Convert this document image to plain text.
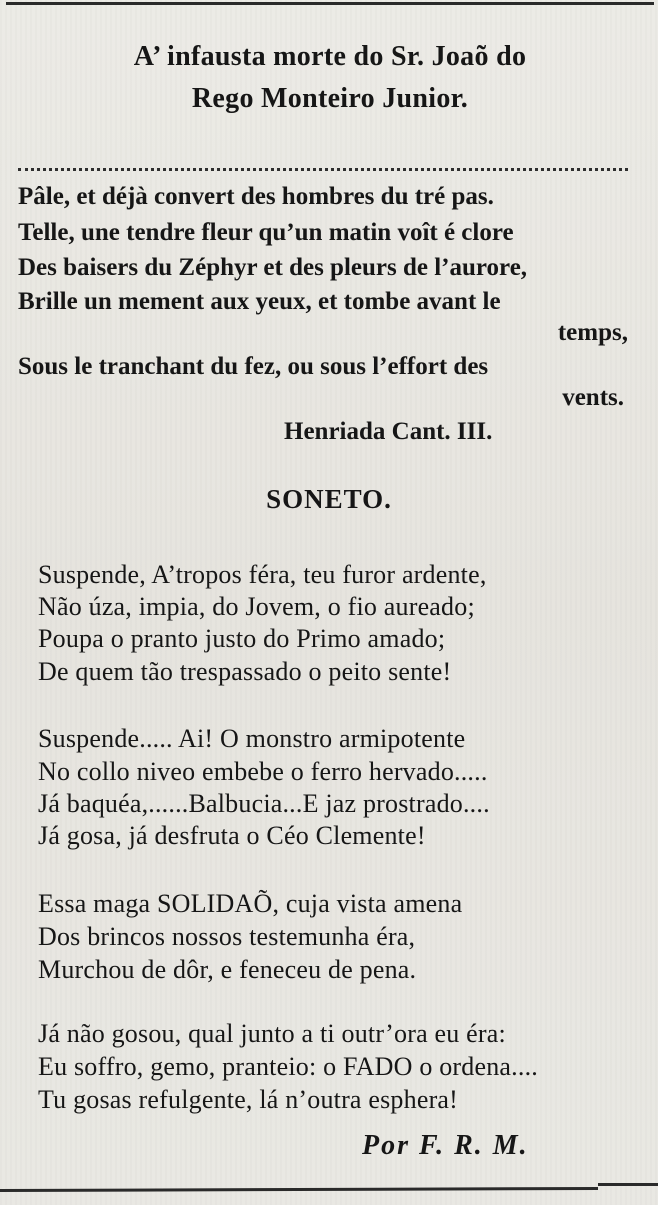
A’ infausta morte do Sr. Joaõ do
Rego Monteiro Junior.
Pâle, et déjà convert des hombres du tré pas.
Telle, une tendre fleur qu’un matin voît é clore
Des baisers du Zéphyr et des pleurs de l’aurore,
Brille un mement aux yeux, et tombe avant le
temps,
Sous le tranchant du fez, ou sous l’effort des
vents.
Henriada Cant. III.
SONETO.
Suspende, A’tropos féra, teu furor ardente,
Não úza, impia, do Jovem, o fio aureado;
Poupa o pranto justo do Primo amado;
De quem tão trespassado o peito sente!
Suspende..... Ai! O monstro armipotente
No collo niveo embebe o ferro hervado.....
Já baquéa,......Balbucia...E jaz prostrado....
Já gosa, já desfruta o Céo Clemente!
Essa maga SOLIDAÕ, cuja vista amena
Dos brincos nossos testemunha éra,
Murchou de dôr, e feneceu de pena.
Já não gosou, qual junto a ti outr’ora eu éra:
Eu soffro, gemo, pranteio: o FADO o ordena....
Tu gosas refulgente, lá n’outra esphera!
Por F. R. M.
